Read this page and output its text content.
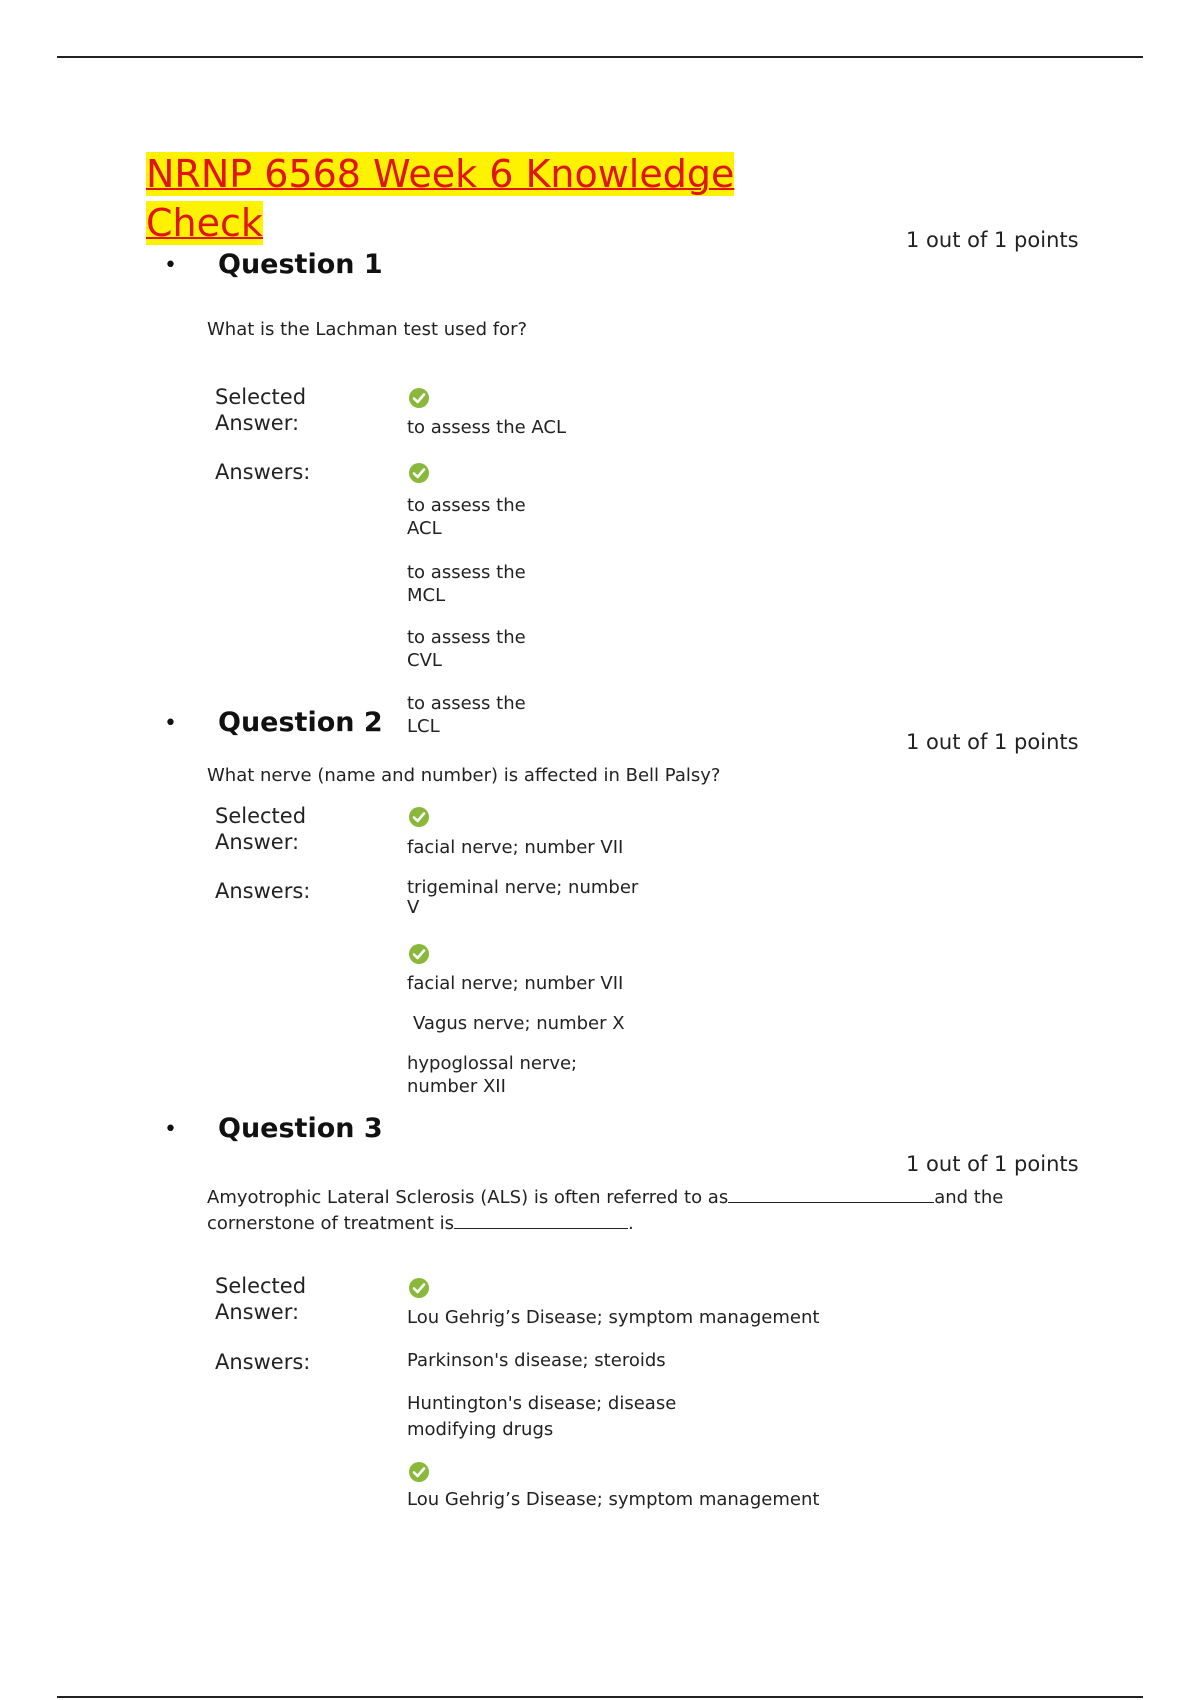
NRNP 6568 Week 6 Knowledge
Check
• Question 1
1 out of 1 points
What is the Lachman test used for?
Selected
Answer:	to assess the ACL
Answers:
to assess the
ACL
to assess the
MCL
to assess the
CVL
to assess the
LCL
• Question 2
1 out of 1 points
What nerve (name and number) is affected in Bell Palsy?
Selected
Answer:	facial nerve; number VII
Answers:	trigeminal nerve; number
V
facial nerve; number VII
Vagus nerve; number X
hypoglossal nerve;
number XII
• Question 3
1 out of 1 points
Amyotrophic Lateral Sclerosis (ALS) is often referred to as	and the
cornerstone of treatment is	.
Selected
Answer:	Lou Gehrig’s Disease; symptom management
Answers:	Parkinson's disease; steroids
Huntington's disease; disease
modifying drugs
Lou Gehrig’s Disease; symptom management
